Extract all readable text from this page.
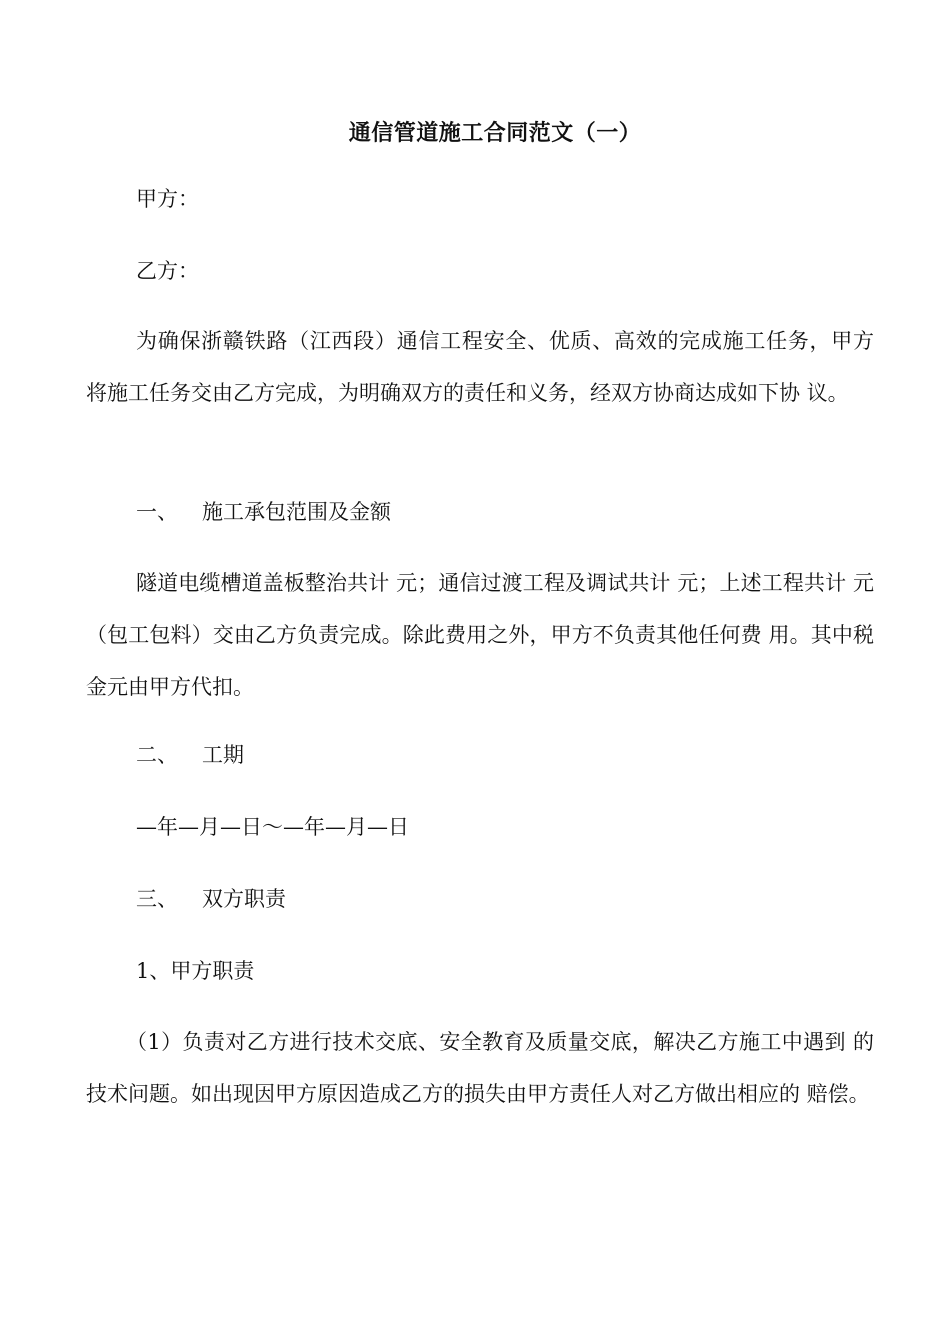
通信管道施工合同范文（一）
甲方：
乙方：
为确保浙赣铁路（江西段）通信工程安全、优质、高效的完成施工任务，甲方 将施工任务交由乙方完成，为明确双方的责任和义务，经双方协商达成如下协 议。
一、 施工承包范围及金额
隧道电缆槽道盖板整治共计 元；通信过渡工程及调试共计 元；上述工程共计 元（包工包料）交由乙方负责完成。除此费用之外，甲方不负责其他任何费 用。其中税金元由甲方代扣。
二、 工期
—年—月—日〜—年—月—日
三、 双方职责
1、甲方职责
（1）负责对乙方进行技术交底、安全教育及质量交底，解决乙方施工中遇到 的技术问题。如出现因甲方原因造成乙方的损失由甲方责任人对乙方做出相应的 赔偿。
